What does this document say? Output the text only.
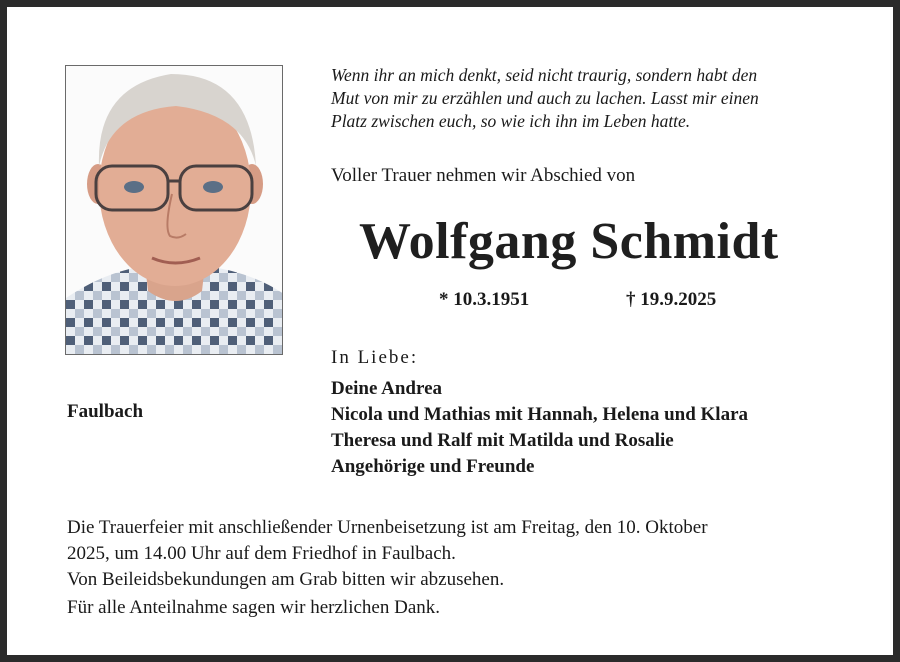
Wenn ihr an mich denkt, seid nicht traurig, sondern habt den
Mut von mir zu erzählen und auch zu lachen. Lasst mir einen
Platz zwischen euch, so wie ich ihn im Leben hatte.
Voller Trauer nehmen wir Abschied von
Wolfgang Schmidt
* 10.3.1951	† 19.9.2025
In Liebe:
Deine Andrea
Nicola und Mathias mit Hannah, Helena und Klara
Theresa und Ralf mit Matilda und Rosalie
Angehörige und Freunde
Faulbach
Die Trauerfeier mit anschließender Urnenbeisetzung ist am Freitag, den 10. Oktober
2025, um 14.00 Uhr auf dem Friedhof in Faulbach.
Von Beileidsbekundungen am Grab bitten wir abzusehen.
Für alle Anteilnahme sagen wir herzlichen Dank.
